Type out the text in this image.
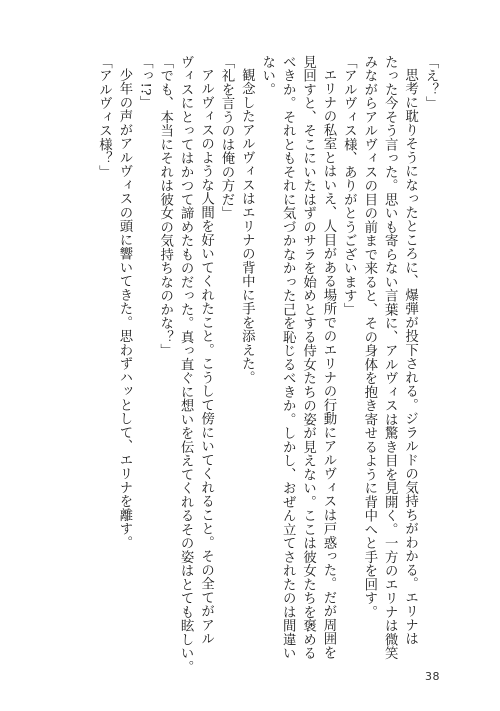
「え？」
思考に耽りそうになったところに、爆弾が投下される。ジラルドの気持ちがわかる。エリナは
たった今そう言った。思いも寄らない言葉に、アルヴィスは驚き目を見開く。一方のエリナは微笑
みながらアルヴィスの目の前まで来ると、その身体を抱き寄せるように背中へと手を回す。
「アルヴィス様、ありがとうございます」
エリナの私室とはいえ、人目がある場所でのエリナの行動にアルヴィスは戸惑った。だが周囲を
見回すと、そこにいたはずのサラを始めとする侍女たちの姿が見えない。ここは彼女たちを褒める
べきか。それともそれに気づかなかった己を恥じるべきか。しかし、おぜん立てされたのは間違い
ない。
観念したアルヴィスはエリナの背中に手を添えた。
「礼を言うのは俺の方だ」
アルヴィスのような人間を好いてくれたこと。こうして傍にいてくれること。その全てがアル
ヴィスにとってはかつて諦めたものだった。真っ直ぐに想いを伝えてくれるその姿はとても眩しい。
「でも、本当にそれは彼女の気持ちなのかな？」
「っ!?」
少年の声がアルヴィスの頭に響いてきた。思わずハッとして、エリナを離す。
「アルヴィス様？」
38
